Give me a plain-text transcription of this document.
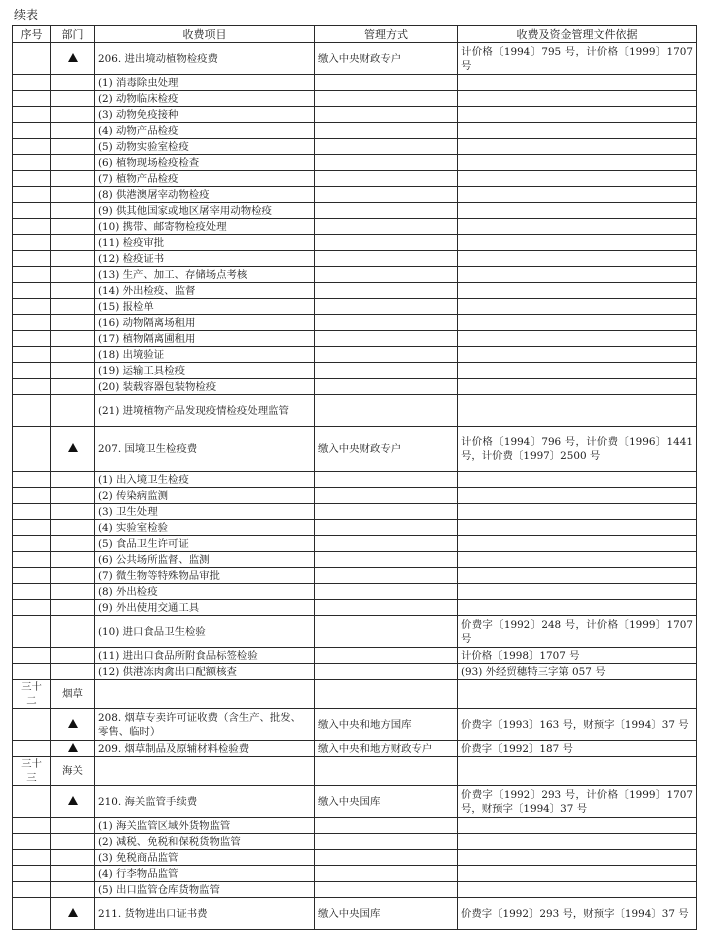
续表
序号	部门	收费项目	管理方式	收费及资金管理文件依据
		206. 进出境动植物检疫费	缴入中央财政专户	计价格〔1994〕795 号，计价格〔1999〕1707 号
		(1) 消毒除虫处理		
		(2) 动物临床检疫		
		(3) 动物免疫接种		
		(4) 动物产品检疫		
		(5) 动物实验室检疫		
		(6) 植物现场检疫检查		
		(7) 植物产品检疫		
		(8) 供港澳屠宰动物检疫		
		(9) 供其他国家或地区屠宰用动物检疫		
		(10) 携带、邮寄物检疫处理		
		(11) 检疫审批		
		(12) 检疫证书		
		(13) 生产、加工、存储场点考核		
		(14) 外出检疫、监督		
		(15) 报检单		
		(16) 动物隔离场租用		
		(17) 植物隔离圃租用		
		(18) 出境验证		
		(19) 运输工具检疫		
		(20) 装载容器包装物检疫		
		(21) 进境植物产品发现疫情检疫处理监管		
		207. 国境卫生检疫费	缴入中央财政专户	计价格〔1994〕796 号，计价费〔1996〕1441 号，计价费〔1997〕2500 号
		(1) 出入境卫生检疫		
		(2) 传染病监测		
		(3) 卫生处理		
		(4) 实验室检验		
		(5) 食品卫生许可证		
		(6) 公共场所监督、监测		
		(7) 微生物等特殊物品审批		
		(8) 外出检疫		
		(9) 外出使用交通工具		
		(10) 进口食品卫生检验		价费字〔1992〕248 号，计价格〔1999〕1707 号
		(11) 进出口食品所附食品标签检验		计价格〔1998〕1707 号
		(12) 供港冻肉禽出口配额核查		(93) 外经贸穗特三字第 057 号
三十二	烟草			
		208. 烟草专卖许可证收费（含生产、批发、零售、临时）	缴入中央和地方国库	价费字〔1993〕163 号，财预字〔1994〕37 号
		209. 烟草制品及原辅材料检验费	缴入中央和地方财政专户	价费字〔1992〕187 号
三十三	海关			
		210. 海关监管手续费	缴入中央国库	价费字〔1992〕293 号，计价格〔1999〕1707 号，财预字〔1994〕37 号
		(1) 海关监管区域外货物监管		
		(2) 减税、免税和保税货物监管		
		(3) 免税商品监管		
		(4) 行李物品监管		
		(5) 出口监管仓库货物监管		
		211. 货物进出口证书费	缴入中央国库	价费字〔1992〕293 号，财预字〔1994〕37 号
